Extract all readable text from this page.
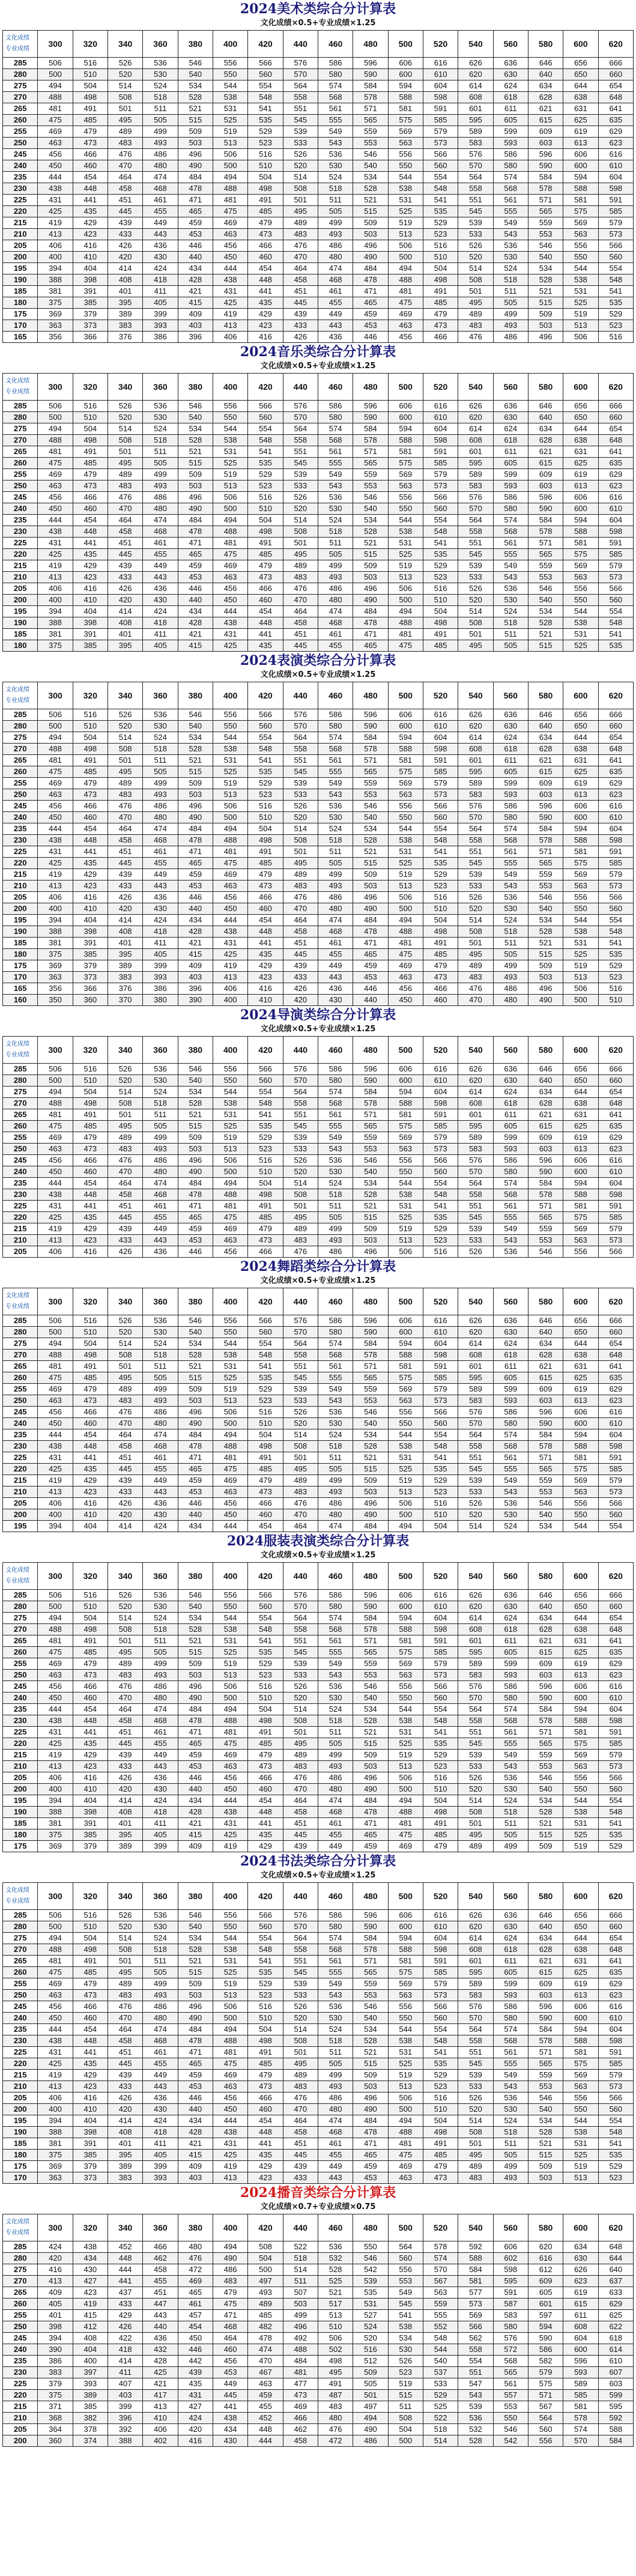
2024美术类综合分计算表
文化成绩×0.5+专业成绩×1.25
文化成绩
专业成绩	300	320	340	360	380	400	420	440	460	480	500	520	540	560	580	600	620
285	506	516	526	536	546	556	566	576	586	596	606	616	626	636	646	656	666
280	500	510	520	530	540	550	560	570	580	590	600	610	620	630	640	650	660
275	494	504	514	524	534	544	554	564	574	584	594	604	614	624	634	644	654
270	488	498	508	518	528	538	548	558	568	578	588	598	608	618	628	638	648
265	481	491	501	511	521	531	541	551	561	571	581	591	601	611	621	631	641
260	475	485	495	505	515	525	535	545	555	565	575	585	595	605	615	625	635
255	469	479	489	499	509	519	529	539	549	559	569	579	589	599	609	619	629
250	463	473	483	493	503	513	523	533	543	553	563	573	583	593	603	613	623
245	456	466	476	486	496	506	516	526	536	546	556	566	576	586	596	606	616
240	450	460	470	480	490	500	510	520	530	540	550	560	570	580	590	600	610
235	444	454	464	474	484	494	504	514	524	534	544	554	564	574	584	594	604
230	438	448	458	468	478	488	498	508	518	528	538	548	558	568	578	588	598
225	431	441	451	461	471	481	491	501	511	521	531	541	551	561	571	581	591
220	425	435	445	455	465	475	485	495	505	515	525	535	545	555	565	575	585
215	419	429	439	449	459	469	479	489	499	509	519	529	539	549	559	569	579
210	413	423	433	443	453	463	473	483	493	503	513	523	533	543	553	563	573
205	406	416	426	436	446	456	466	476	486	496	506	516	526	536	546	556	566
200	400	410	420	430	440	450	460	470	480	490	500	510	520	530	540	550	560
195	394	404	414	424	434	444	454	464	474	484	494	504	514	524	534	544	554
190	388	398	408	418	428	438	448	458	468	478	488	498	508	518	528	538	548
185	381	391	401	411	421	431	441	451	461	471	481	491	501	511	521	531	541
180	375	385	395	405	415	425	435	445	455	465	475	485	495	505	515	525	535
175	369	379	389	399	409	419	429	439	449	459	469	479	489	499	509	519	529
170	363	373	383	393	403	413	423	433	443	453	463	473	483	493	503	513	523
165	356	366	376	386	396	406	416	426	436	446	456	466	476	486	496	506	516
2024音乐类综合分计算表
文化成绩×0.5+专业成绩×1.25
文化成绩
专业成绩	300	320	340	360	380	400	420	440	460	480	500	520	540	560	580	600	620
285	506	516	526	536	546	556	566	576	586	596	606	616	626	636	646	656	666
280	500	510	520	530	540	550	560	570	580	590	600	610	620	630	640	650	660
275	494	504	514	524	534	544	554	564	574	584	594	604	614	624	634	644	654
270	488	498	508	518	528	538	548	558	568	578	588	598	608	618	628	638	648
265	481	491	501	511	521	531	541	551	561	571	581	591	601	611	621	631	641
260	475	485	495	505	515	525	535	545	555	565	575	585	595	605	615	625	635
255	469	479	489	499	509	519	529	539	549	559	569	579	589	599	609	619	629
250	463	473	483	493	503	513	523	533	543	553	563	573	583	593	603	613	623
245	456	466	476	486	496	506	516	526	536	546	556	566	576	586	596	606	616
240	450	460	470	480	490	500	510	520	530	540	550	560	570	580	590	600	610
235	444	454	464	474	484	494	504	514	524	534	544	554	564	574	584	594	604
230	438	448	458	468	478	488	498	508	518	528	538	548	558	568	578	588	598
225	431	441	451	461	471	481	491	501	511	521	531	541	551	561	571	581	591
220	425	435	445	455	465	475	485	495	505	515	525	535	545	555	565	575	585
215	419	429	439	449	459	469	479	489	499	509	519	529	539	549	559	569	579
210	413	423	433	443	453	463	473	483	493	503	513	523	533	543	553	563	573
205	406	416	426	436	446	456	466	476	486	496	506	516	526	536	546	556	566
200	400	410	420	430	440	450	460	470	480	490	500	510	520	530	540	550	560
195	394	404	414	424	434	444	454	464	474	484	494	504	514	524	534	544	554
190	388	398	408	418	428	438	448	458	468	478	488	498	508	518	528	538	548
185	381	391	401	411	421	431	441	451	461	471	481	491	501	511	521	531	541
180	375	385	395	405	415	425	435	445	455	465	475	485	495	505	515	525	535
2024表演类综合分计算表
文化成绩×0.5+专业成绩×1.25
文化成绩
专业成绩	300	320	340	360	380	400	420	440	460	480	500	520	540	560	580	600	620
285	506	516	526	536	546	556	566	576	586	596	606	616	626	636	646	656	666
280	500	510	520	530	540	550	560	570	580	590	600	610	620	630	640	650	660
275	494	504	514	524	534	544	554	564	574	584	594	604	614	624	634	644	654
270	488	498	508	518	528	538	548	558	568	578	588	598	608	618	628	638	648
265	481	491	501	511	521	531	541	551	561	571	581	591	601	611	621	631	641
260	475	485	495	505	515	525	535	545	555	565	575	585	595	605	615	625	635
255	469	479	489	499	509	519	529	539	549	559	569	579	589	599	609	619	629
250	463	473	483	493	503	513	523	533	543	553	563	573	583	593	603	613	623
245	456	466	476	486	496	506	516	526	536	546	556	566	576	586	596	606	616
240	450	460	470	480	490	500	510	520	530	540	550	560	570	580	590	600	610
235	444	454	464	474	484	494	504	514	524	534	544	554	564	574	584	594	604
230	438	448	458	468	478	488	498	508	518	528	538	548	558	568	578	588	598
225	431	441	451	461	471	481	491	501	511	521	531	541	551	561	571	581	591
220	425	435	445	455	465	475	485	495	505	515	525	535	545	555	565	575	585
215	419	429	439	449	459	469	479	489	499	509	519	529	539	549	559	569	579
210	413	423	433	443	453	463	473	483	493	503	513	523	533	543	553	563	573
205	406	416	426	436	446	456	466	476	486	496	506	516	526	536	546	556	566
200	400	410	420	430	440	450	460	470	480	490	500	510	520	530	540	550	560
195	394	404	414	424	434	444	454	464	474	484	494	504	514	524	534	544	554
190	388	398	408	418	428	438	448	458	468	478	488	498	508	518	528	538	548
185	381	391	401	411	421	431	441	451	461	471	481	491	501	511	521	531	541
180	375	385	395	405	415	425	435	445	455	465	475	485	495	505	515	525	535
175	369	379	389	399	409	419	429	439	449	459	469	479	489	499	509	519	529
170	363	373	383	393	403	413	423	433	443	453	463	473	483	493	503	513	523
165	356	366	376	386	396	406	416	426	436	446	456	466	476	486	496	506	516
160	350	360	370	380	390	400	410	420	430	440	450	460	470	480	490	500	510
2024导演类综合分计算表
文化成绩×0.5+专业成绩×1.25
文化成绩
专业成绩	300	320	340	360	380	400	420	440	460	480	500	520	540	560	580	600	620
285	506	516	526	536	546	556	566	576	586	596	606	616	626	636	646	656	666
280	500	510	520	530	540	550	560	570	580	590	600	610	620	630	640	650	660
275	494	504	514	524	534	544	554	564	574	584	594	604	614	624	634	644	654
270	488	498	508	518	528	538	548	558	568	578	588	598	608	618	628	638	648
265	481	491	501	511	521	531	541	551	561	571	581	591	601	611	621	631	641
260	475	485	495	505	515	525	535	545	555	565	575	585	595	605	615	625	635
255	469	479	489	499	509	519	529	539	549	559	569	579	589	599	609	619	629
250	463	473	483	493	503	513	523	533	543	553	563	573	583	593	603	613	623
245	456	466	476	486	496	506	516	526	536	546	556	566	576	586	596	606	616
240	450	460	470	480	490	500	510	520	530	540	550	560	570	580	590	600	610
235	444	454	464	474	484	494	504	514	524	534	544	554	564	574	584	594	604
230	438	448	458	468	478	488	498	508	518	528	538	548	558	568	578	588	598
225	431	441	451	461	471	481	491	501	511	521	531	541	551	561	571	581	591
220	425	435	445	455	465	475	485	495	505	515	525	535	545	555	565	575	585
215	419	429	439	449	459	469	479	489	499	509	519	529	539	549	559	569	579
210	413	423	433	443	453	463	473	483	493	503	513	523	533	543	553	563	573
205	406	416	426	436	446	456	466	476	486	496	506	516	526	536	546	556	566
2024舞蹈类综合分计算表
文化成绩×0.5+专业成绩×1.25
文化成绩
专业成绩	300	320	340	360	380	400	420	440	460	480	500	520	540	560	580	600	620
285	506	516	526	536	546	556	566	576	586	596	606	616	626	636	646	656	666
280	500	510	520	530	540	550	560	570	580	590	600	610	620	630	640	650	660
275	494	504	514	524	534	544	554	564	574	584	594	604	614	624	634	644	654
270	488	498	508	518	528	538	548	558	568	578	588	598	608	618	628	638	648
265	481	491	501	511	521	531	541	551	561	571	581	591	601	611	621	631	641
260	475	485	495	505	515	525	535	545	555	565	575	585	595	605	615	625	635
255	469	479	489	499	509	519	529	539	549	559	569	579	589	599	609	619	629
250	463	473	483	493	503	513	523	533	543	553	563	573	583	593	603	613	623
245	456	466	476	486	496	506	516	526	536	546	556	566	576	586	596	606	616
240	450	460	470	480	490	500	510	520	530	540	550	560	570	580	590	600	610
235	444	454	464	474	484	494	504	514	524	534	544	554	564	574	584	594	604
230	438	448	458	468	478	488	498	508	518	528	538	548	558	568	578	588	598
225	431	441	451	461	471	481	491	501	511	521	531	541	551	561	571	581	591
220	425	435	445	455	465	475	485	495	505	515	525	535	545	555	565	575	585
215	419	429	439	449	459	469	479	489	499	509	519	529	539	549	559	569	579
210	413	423	433	443	453	463	473	483	493	503	513	523	533	543	553	563	573
205	406	416	426	436	446	456	466	476	486	496	506	516	526	536	546	556	566
200	400	410	420	430	440	450	460	470	480	490	500	510	520	530	540	550	560
195	394	404	414	424	434	444	454	464	474	484	494	504	514	524	534	544	554
2024服装表演类综合分计算表
文化成绩×0.5+专业成绩×1.25
文化成绩
专业成绩	300	320	340	360	380	400	420	440	460	480	500	520	540	560	580	600	620
285	506	516	526	536	546	556	566	576	586	596	606	616	626	636	646	656	666
280	500	510	520	530	540	550	560	570	580	590	600	610	620	630	640	650	660
275	494	504	514	524	534	544	554	564	574	584	594	604	614	624	634	644	654
270	488	498	508	518	528	538	548	558	568	578	588	598	608	618	628	638	648
265	481	491	501	511	521	531	541	551	561	571	581	591	601	611	621	631	641
260	475	485	495	505	515	525	535	545	555	565	575	585	595	605	615	625	635
255	469	479	489	499	509	519	529	539	549	559	569	579	589	599	609	619	629
250	463	473	483	493	503	513	523	533	543	553	563	573	583	593	603	613	623
245	456	466	476	486	496	506	516	526	536	546	556	566	576	586	596	606	616
240	450	460	470	480	490	500	510	520	530	540	550	560	570	580	590	600	610
235	444	454	464	474	484	494	504	514	524	534	544	554	564	574	584	594	604
230	438	448	458	468	478	488	498	508	518	528	538	548	558	568	578	588	598
225	431	441	451	461	471	481	491	501	511	521	531	541	551	561	571	581	591
220	425	435	445	455	465	475	485	495	505	515	525	535	545	555	565	575	585
215	419	429	439	449	459	469	479	489	499	509	519	529	539	549	559	569	579
210	413	423	433	443	453	463	473	483	493	503	513	523	533	543	553	563	573
205	406	416	426	436	446	456	466	476	486	496	506	516	526	536	546	556	566
200	400	410	420	430	440	450	460	470	480	490	500	510	520	530	540	550	560
195	394	404	414	424	434	444	454	464	474	484	494	504	514	524	534	544	554
190	388	398	408	418	428	438	448	458	468	478	488	498	508	518	528	538	548
185	381	391	401	411	421	431	441	451	461	471	481	491	501	511	521	531	541
180	375	385	395	405	415	425	435	445	455	465	475	485	495	505	515	525	535
175	369	379	389	399	409	419	429	439	449	459	469	479	489	499	509	519	529
2024书法类综合分计算表
文化成绩×0.5+专业成绩×1.25
文化成绩
专业成绩	300	320	340	360	380	400	420	440	460	480	500	520	540	560	580	600	620
285	506	516	526	536	546	556	566	576	586	596	606	616	626	636	646	656	666
280	500	510	520	530	540	550	560	570	580	590	600	610	620	630	640	650	660
275	494	504	514	524	534	544	554	564	574	584	594	604	614	624	634	644	654
270	488	498	508	518	528	538	548	558	568	578	588	598	608	618	628	638	648
265	481	491	501	511	521	531	541	551	561	571	581	591	601	611	621	631	641
260	475	485	495	505	515	525	535	545	555	565	575	585	595	605	615	625	635
255	469	479	489	499	509	519	529	539	549	559	569	579	589	599	609	619	629
250	463	473	483	493	503	513	523	533	543	553	563	573	583	593	603	613	623
245	456	466	476	486	496	506	516	526	536	546	556	566	576	586	596	606	616
240	450	460	470	480	490	500	510	520	530	540	550	560	570	580	590	600	610
235	444	454	464	474	484	494	504	514	524	534	544	554	564	574	584	594	604
230	438	448	458	468	478	488	498	508	518	528	538	548	558	568	578	588	598
225	431	441	451	461	471	481	491	501	511	521	531	541	551	561	571	581	591
220	425	435	445	455	465	475	485	495	505	515	525	535	545	555	565	575	585
215	419	429	439	449	459	469	479	489	499	509	519	529	539	549	559	569	579
210	413	423	433	443	453	463	473	483	493	503	513	523	533	543	553	563	573
205	406	416	426	436	446	456	466	476	486	496	506	516	526	536	546	556	566
200	400	410	420	430	440	450	460	470	480	490	500	510	520	530	540	550	560
195	394	404	414	424	434	444	454	464	474	484	494	504	514	524	534	544	554
190	388	398	408	418	428	438	448	458	468	478	488	498	508	518	528	538	548
185	381	391	401	411	421	431	441	451	461	471	481	491	501	511	521	531	541
180	375	385	395	405	415	425	435	445	455	465	475	485	495	505	515	525	535
175	369	379	389	399	409	419	429	439	449	459	469	479	489	499	509	519	529
170	363	373	383	393	403	413	423	433	443	453	463	473	483	493	503	513	523
2024播音类综合分计算表
文化成绩×0.7+专业成绩×0.75
文化成绩
专业成绩	300	320	340	360	380	400	420	440	460	480	500	520	540	560	580	600	620
285	424	438	452	466	480	494	508	522	536	550	564	578	592	606	620	634	648
280	420	434	448	462	476	490	504	518	532	546	560	574	588	602	616	630	644
275	416	430	444	458	472	486	500	514	528	542	556	570	584	598	612	626	640
270	413	427	441	455	469	483	497	511	525	539	553	567	581	595	609	623	637
265	409	423	437	451	465	479	493	507	521	535	549	563	577	591	605	619	633
260	405	419	433	447	461	475	489	503	517	531	545	559	573	587	601	615	629
255	401	415	429	443	457	471	485	499	513	527	541	555	569	583	597	611	625
250	398	412	426	440	454	468	482	496	510	524	538	552	566	580	594	608	622
245	394	408	422	436	450	464	478	492	506	520	534	548	562	576	590	604	618
240	390	404	418	432	446	460	474	488	502	516	530	544	558	572	586	600	614
235	386	400	414	428	442	456	470	484	498	512	526	540	554	568	582	596	610
230	383	397	411	425	439	453	467	481	495	509	523	537	551	565	579	593	607
225	379	393	407	421	435	449	463	477	491	505	519	533	547	561	575	589	603
220	375	389	403	417	431	445	459	473	487	501	515	529	543	557	571	585	599
215	371	385	399	413	427	441	455	469	483	497	511	525	539	553	567	581	595
210	368	382	396	410	424	438	452	466	480	494	508	522	536	550	564	578	592
205	364	378	392	406	420	434	448	462	476	490	504	518	532	546	560	574	588
200	360	374	388	402	416	430	444	458	472	486	500	514	528	542	556	570	584
